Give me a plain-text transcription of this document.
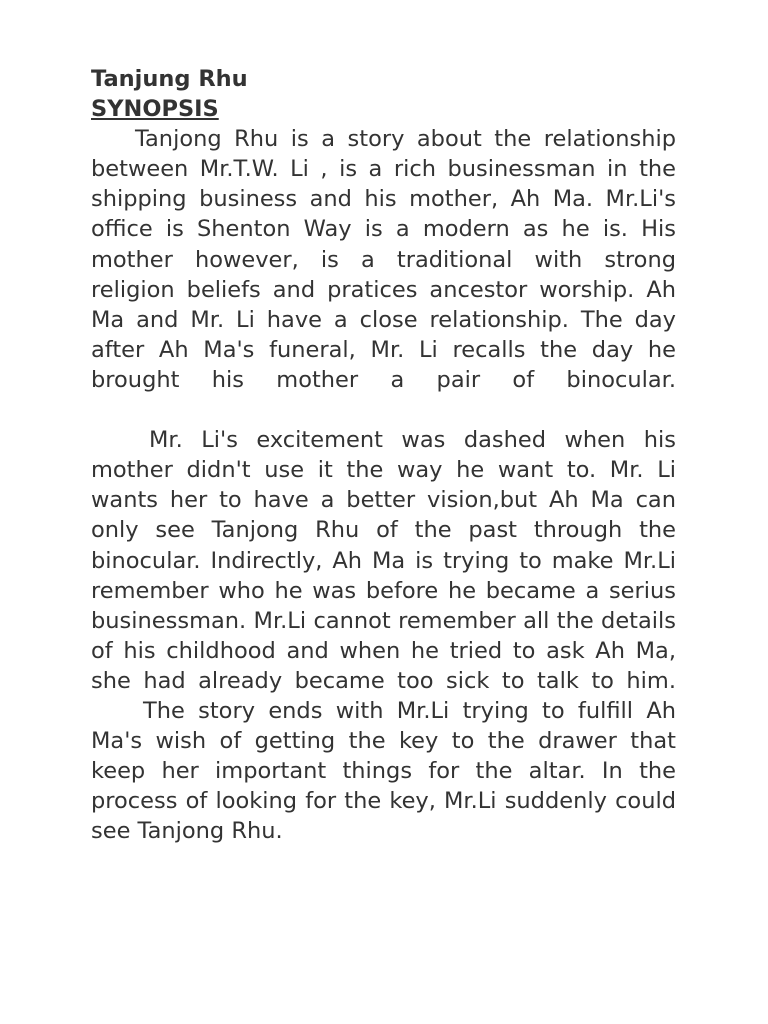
Tanjung Rhu
SYNOPSIS

Tanjong Rhu is a story about the relationship between Mr.T.W. Li , is a rich businessman in the shipping business and his mother, Ah Ma. Mr.Li's office is Shenton Way is a modern as he is. His mother however, is a traditional with strong religion beliefs and pratices ancestor worship. Ah Ma and Mr. Li have a close relationship. The day after Ah Ma's funeral, Mr. Li recalls the day he brought his mother a pair of binocular.

Mr. Li's excitement was dashed when his mother didn't use it the way he want to. Mr. Li wants her to have a better vision,but Ah Ma can only see Tanjong Rhu of the past through the binocular. Indirectly, Ah Ma is trying to make Mr.Li remember who he was before he became a serius businessman. Mr.Li cannot remember all the details of his childhood and when he tried to ask Ah Ma, she had already became too sick to talk to him.

The story ends with Mr.Li trying to fulfill Ah Ma's wish of getting the key to the drawer that keep her important things for the altar. In the process of looking for the key, Mr.Li suddenly could see Tanjong Rhu.
